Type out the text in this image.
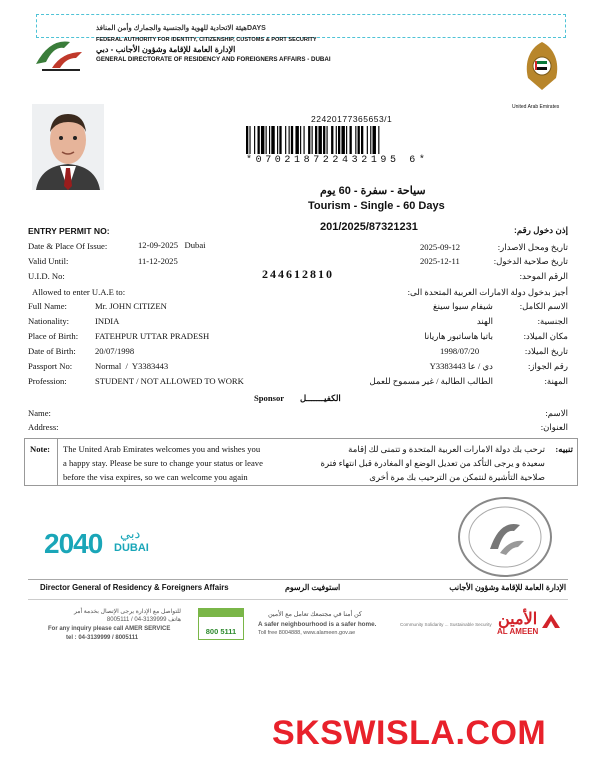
هيئة الاتحادية للهوية والجنسية والجمارك وأمن المنافذDAYS
FEDERAL AUTHORITY FOR IDENTITY, CITIZENSHIP, CUSTOMS & PORT SECURITY
الإدارة العامة للإقامة وشؤون الأجانب - دبي
GENERAL DIRECTORATE OF RESIDENCY AND FOREIGNERS AFFAIRS - DUBAI
United Arab Emirates
22420177365653/1
*070218722432195 6*
سياحة - سفرة - 60 يوم
Tourism - Single - 60 Days
ENTRY PERMIT NO:	201/2025/87321231	إذن دخول رقم:
Date & Place Of Issue:	12-09-2025   Dubai	2025-09-12	تاريخ ومحل الاصدار:
Valid Until:	11-12-2025	2025-12-11	تاريخ صلاحية الدخول:
U.I.D. No:	244612810	الرقم الموحد:
Allowed to enter U.A.E to:	أجيز بدخول دولة الامارات العربية المتحدة الى:
Full Name:	Mr. JOHN CITIZEN	شيفام سيوا سينغ	الاسم الكامل:
Nationality:	INDIA	الهند	الجنسية:
Place of Birth: FATEHPUR UTTAR PRADESH	باتيا هاساتبور هاريانا	مكان الميلاد:
Date of Birth: 20/07/1998	1998/07/20	تاريخ الميلاد:
Passport No:	Normal  /  Y3383443	دي / عا Y3383443	رقم الجواز:
Profession:	STUDENT / NOT ALLOWED TO WORK	الطالب الطالبة / غير مسموح للعمل	المهنة:
Sponsor الكفيـــــــل
Name:	الاسم:
Address:	العنوان:
Note: The United Arab Emirates welcomes you and wishes you
a happy stay. Please be sure to change your status or leave
before the visa expires, so we can welcome you again
تنبيه:
ترحب بك دولة الامارات العربية المتحدة و تتمنى لك إقامة
سعيدة و يرجى التأكد من تعديل الوضع او المغادرة قبل انتهاء فترة
صلاحية التأشيرة لنتمكن من الترحيب بك مرة أخرى
2040 دبي
DUBAI
Director General of Residency & Foreigners Affairs	استوفيت الرسوم	الإدارة العامة للإقامة وشؤون الأجانب
للتواصل مع الإدارة يرجى الإتصال بخدمة أمر
هاتف 3139999-04 / 8005111
For any inquiry please call AMER SERVICE
tel : 04-3139999 / 8005111
800 5111
كن أمنا في مجتمعك تعامل مع الأمين
A safer neighbourhood is a safer home.
Toll free 8004888, www.alameen.gov.ae
Community Solidarity ... Sustainable Security الأمين
AL AMEEN
SKSWISLA.COM
